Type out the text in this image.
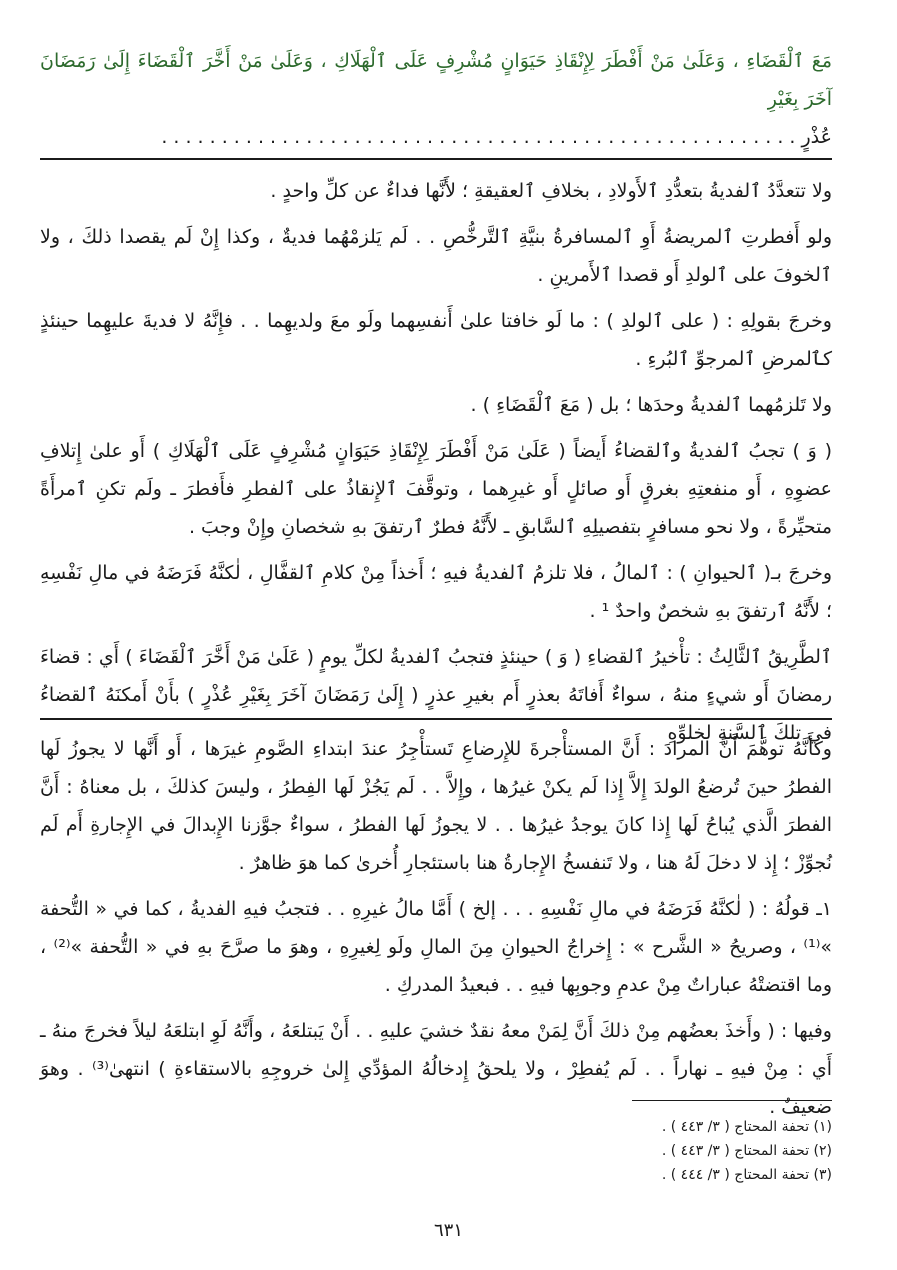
مَعَ ٱلْقَضَاءِ ، وَعَلَىٰ مَنْ أَفْطَرَ لِإِنْقَاذِ حَيَوَانٍ مُشْرِفٍ عَلَى ٱلْهَلَاكِ ، وَعَلَىٰ مَنْ أَخَّرَ ٱلْقَضَاءَ إِلَىٰ رَمَضَانَ آخَرَ بِغَيْرِ

عُذْرٍ . . . . . . . . . . . . . . . . . . . . . . . . . . . . . . . . . . . . . . . . . . . . . . . . . . . . .

ولا تتعدَّدُ ٱلفديةُ بتعدُّدِ ٱلأَولادِ ، بخلافِ ٱلعقيقةِ ؛ لأَنَّها فداءٌ عن كلِّ واحدٍ .

ولو أَفطرتِ ٱلمريضةُ أَوِ ٱلمسافرةُ بنيَّةِ ٱلتَّرخُّصِ . . لَم يَلزمْهُما فديةٌ ، وكذا إِنْ لَم يقصدا ذلكَ ، ولا ٱلخوفَ على ٱلولدِ أَو قصدا ٱلأَمرينِ .

وخرجَ بقولِهِ : ( على ٱلولدِ ) : ما لَو خافتا علىٰ أَنفسِهما ولَو معَ ولديهِما . . فإِنَّهُ لا فديةَ عليهِما حينئذٍ كٱلمرضِ ٱلمرجوِّ ٱلبُرءِ .

ولا تَلزمُهما ٱلفديةُ وحدَها ؛ بل ( مَعَ ٱلْقَضَاءِ ) .

( وَ ) تجبُ ٱلفديةُ وٱلقضاءُ أَيضاً ( عَلَىٰ مَنْ أَفْطَرَ لِإِنْقَاذِ حَيَوَانٍ مُشْرِفٍ عَلَى ٱلْهَلَاكِ ) أَو علىٰ إِتلافِ عضوِهِ ، أَو منفعتِهِ بغرقٍ أَو صائلٍ أَو غيرِهما ، وتوقَّفَ ٱلإِنقاذُ على ٱلفطرِ فأَفطرَ ـ ولَم تكنِ ٱمرأَةً متحيِّرةً ، ولا نحو مسافرٍ بتفصيلِهِ ٱلسَّابقِ ـ لأَنَّهُ فطرٌ ٱرتفقَ بهِ شخصانِ وإِنْ وجبَ .

وخرجَ بـ( ٱلحيوانِ ) : ٱلمالُ ، فلا تلزمُ ٱلفديةُ فيهِ ؛ أَخذاً مِنْ كلامِ ٱلقفَّالِ ، لٰكنَّهُ فَرَضَهُ في مالِ نَفْسِهِ ؛ لأَنَّهُ ٱرتفقَ بهِ شخصٌ واحدٌ ¹ .

ٱلطَّرِيقُ ٱلثَّالِثُ : تأْخيرُ ٱلقضاءِ ( وَ ) حينئذٍ فتجبُ ٱلفديةُ لكلِّ يومٍ ( عَلَىٰ مَنْ أَخَّرَ ٱلْقَضَاءَ ) أَي : قضاءَ رمضانَ أَو شيءٍ منهُ ، سواءٌ أَفاتَهُ بعذرٍ أَم بغيرِ عذرٍ ( إِلَىٰ رَمَضَانَ آخَرَ بِغَيْرِ عُذْرٍ ) بأَنْ أَمكنَهُ ٱلقضاءُ في تلكَ ٱلسَّنةِ لخلوِّهِ

وكأَنَّهُ توهَّمَ أَنَّ المرادَ : أَنَّ المستأْجرةَ للإِرضاعِ تَستأْجِرُ عندَ ابتداءِ الصَّومِ غيرَها ، أَو أَنَّها لا يجوزُ لَها الفطرُ حينَ تُرضعُ الولدَ إِلاَّ إِذا لَم يكنْ غيرُها ، وإِلاَّ . . لَم يَجُزْ لَها الفِطرُ ، وليسَ كذلكَ ، بل معناهُ : أَنَّ الفطرَ الَّذي يُباحُ لَها إِذا كانَ يوجدُ غيرُها . . لا يجوزُ لَها الفطرُ ، سواءٌ جوَّزنا الإِبدالَ في الإِجارةِ أَم لَم نُجوِّزْ ؛ إِذ لا دخلَ لَهُ هنا ، ولا تَنفسخُ الإِجارةُ هنا باستئجارِ أُخرىٰ كما هوَ ظاهرٌ .

١ـ قولُهُ : ( لٰكنَّهُ فَرَضَهُ في مالِ نَفْسِهِ . . . إلخ ) أَمَّا مالُ غيرِهِ . . فتجبُ فيهِ الفديةُ ، كما في « التُّحفة »⁽¹⁾ ، وصريحُ « الشَّرح » : إِخراجُ الحيوانِ مِنَ المالِ ولَو لِغيرِهِ ، وهوَ ما صرَّحَ بهِ في « التُّحفة »⁽²⁾ ، وما اقتضتْهُ عباراتٌ مِنْ عدمِ وجوبِها فيهِ . . فبعيدُ المدركِ .

وفيها : ( وأَخذَ بعضُهم مِنْ ذلكَ أَنَّ لِمَنْ معهُ نقدٌ خشيَ عليهِ . . أَنْ يَبتلعَهُ ، وأَنَّهُ لَوِ ابتلعَهُ ليلاً فخرجَ منهُ ـ أَي : مِنْ فيهِ ـ نهاراً . . لَم يُفطِرْ ، ولا يلحقُ إِدخالُهُ المؤدِّي إِلىٰ خروجِهِ بالاستقاءةِ ) انتهىٰ⁽³⁾ . وهوَ ضعيفٌ .

(١) تحفة المحتاج ( ٣/ ٤٤٣ ) .
(٢) تحفة المحتاج ( ٣/ ٤٤٣ ) .
(٣) تحفة المحتاج ( ٣/ ٤٤٤ ) .
٦٣١
